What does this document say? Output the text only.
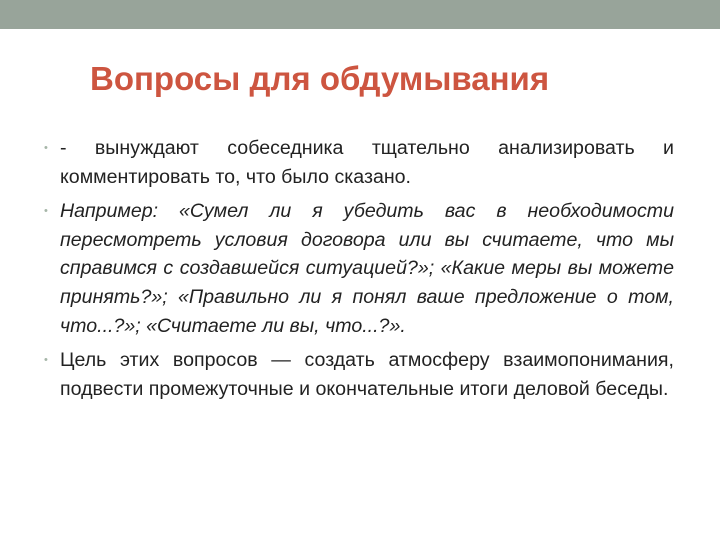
Вопросы для обдумывания
• - вынуждают собеседника тщательно анализировать и комментировать то, что было сказано.
• Например: «Сумел ли я убедить вас в необходимости пересмотреть условия договора или вы считаете, что мы справимся с создавшейся ситуацией?»; «Какие меры вы можете принять?»; «Правильно ли я понял ваше предложение о том, что...?»; «Считаете ли вы, что...?».
• Цель этих вопросов — создать атмосферу взаимопонимания, подвести промежуточные и окончательные итоги деловой беседы.
